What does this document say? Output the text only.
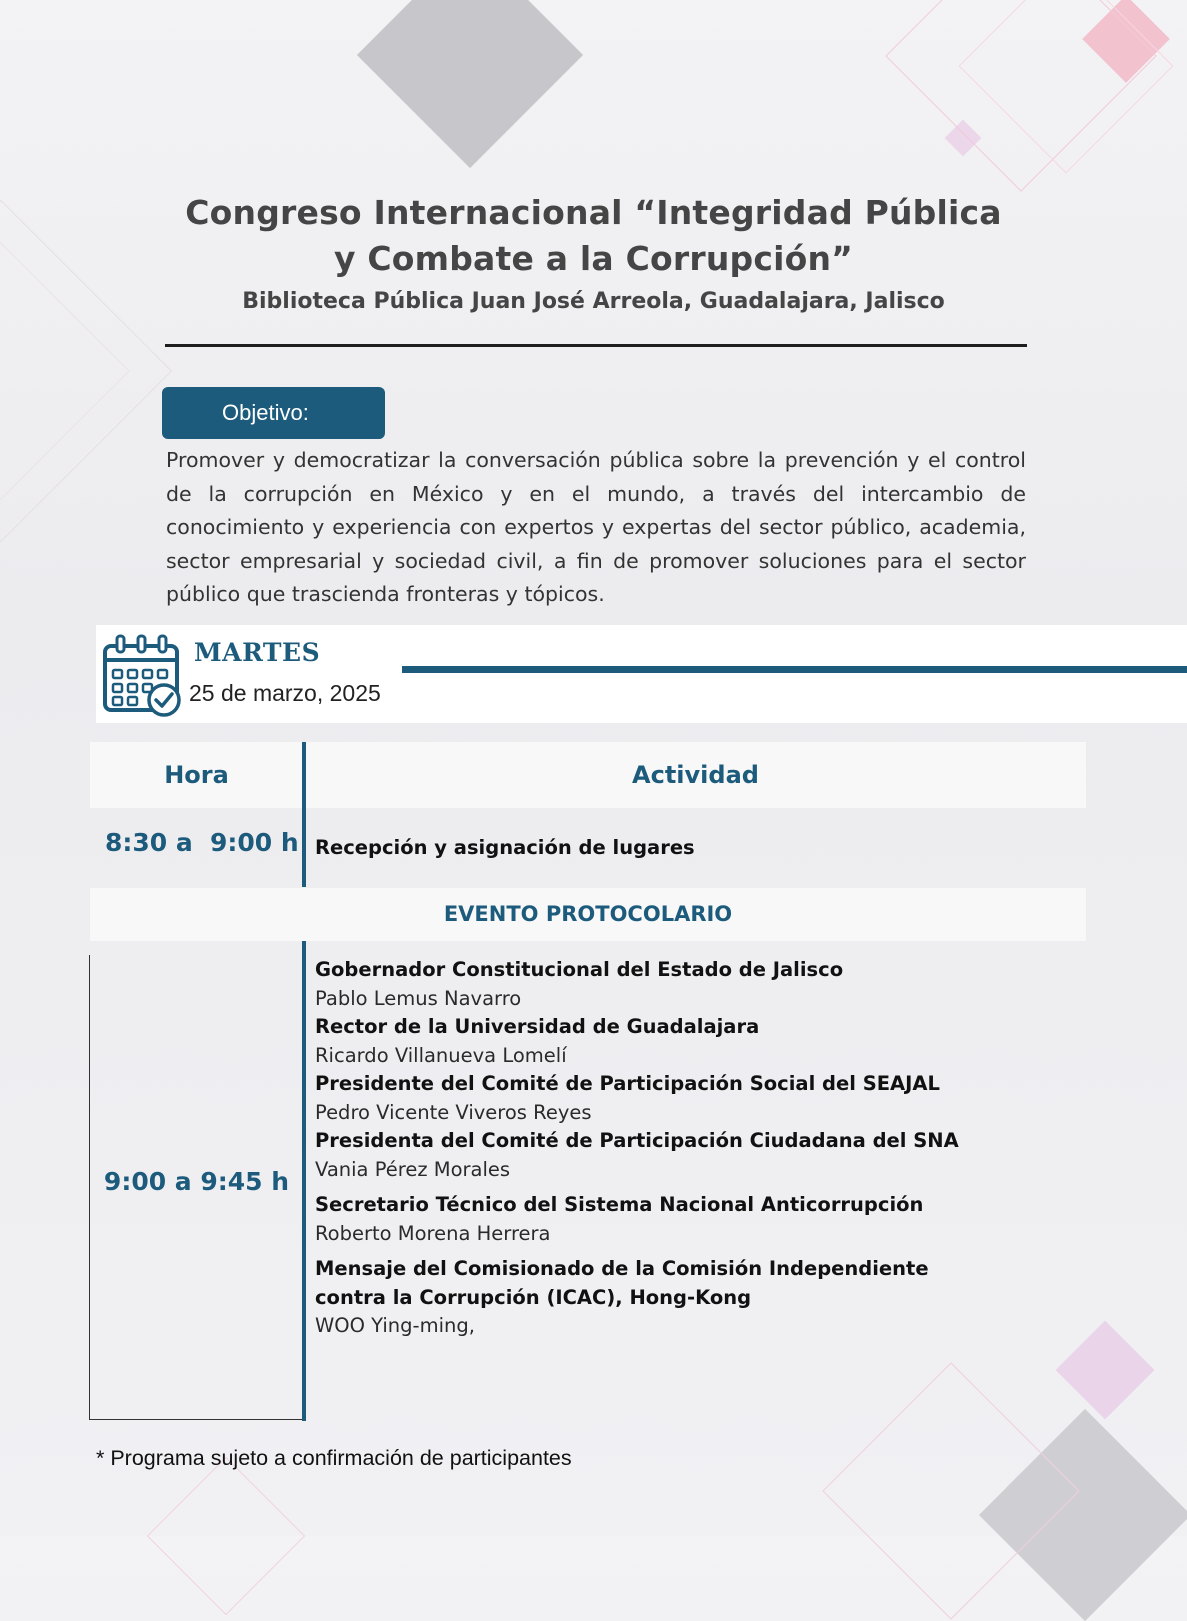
Congreso Internacional “Integridad Pública
y Combate a la Corrupción”
Biblioteca Pública Juan José Arreola, Guadalajara, Jalisco
Objetivo:
Promover y democratizar la conversación pública sobre la prevención y el control de la corrupción en México y en el mundo, a través del intercambio de conocimiento y experiencia con expertos y expertas del sector público, academia, sector empresarial y sociedad civil, a fin de promover soluciones para el sector público que trascienda fronteras y tópicos.
MARTES
25 de marzo, 2025
Hora	Actividad
8:30 a 9:00 h Recepción y asignación de lugares
EVENTO PROTOCOLARIO
9:00 a 9:45 h
Gobernador Constitucional del Estado de Jalisco
Pablo Lemus Navarro
Rector de la Universidad de Guadalajara
Ricardo Villanueva Lomelí
Presidente del Comité de Participación Social del SEAJAL
Pedro Vicente Viveros Reyes
Presidenta del Comité de Participación Ciudadana del SNA
Vania Pérez Morales
Secretario Técnico del Sistema Nacional Anticorrupción
Roberto Morena Herrera
Mensaje del Comisionado de la Comisión Independiente contra la Corrupción (ICAC), Hong-Kong
WOO Ying-ming,
* Programa sujeto a confirmación de participantes
